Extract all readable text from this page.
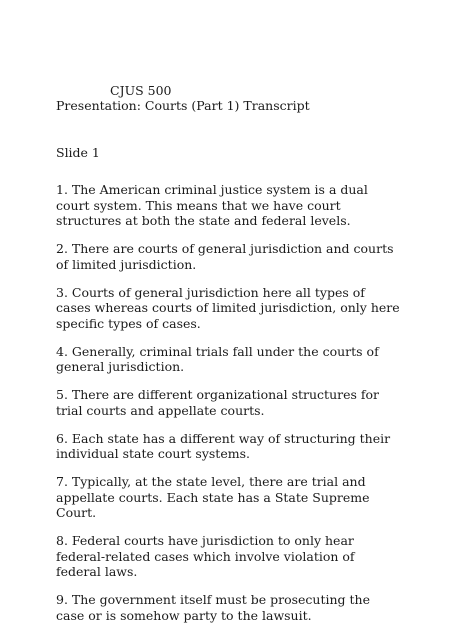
CJUS 500
Presentation: Courts (Part 1) Transcript

Slide 1

1. The American criminal justice system is a dual court system. This means that we have court structures at both the state and federal levels.
2. There are courts of general jurisdiction and courts of limited jurisdiction.
3. Courts of general jurisdiction here all types of cases whereas courts of limited jurisdiction, only here specific types of cases.
4. Generally, criminal trials fall under the courts of general jurisdiction.
5. There are different organizational structures for trial courts and appellate courts.
6. Each state has a different way of structuring their individual state court systems.
7. Typically, at the state level, there are trial and appellate courts. Each state has a State Supreme Court.
8. Federal courts have jurisdiction to only hear federal-related cases which involve violation of federal laws.
9. The government itself must be prosecuting the case or is somehow party to the lawsuit.
